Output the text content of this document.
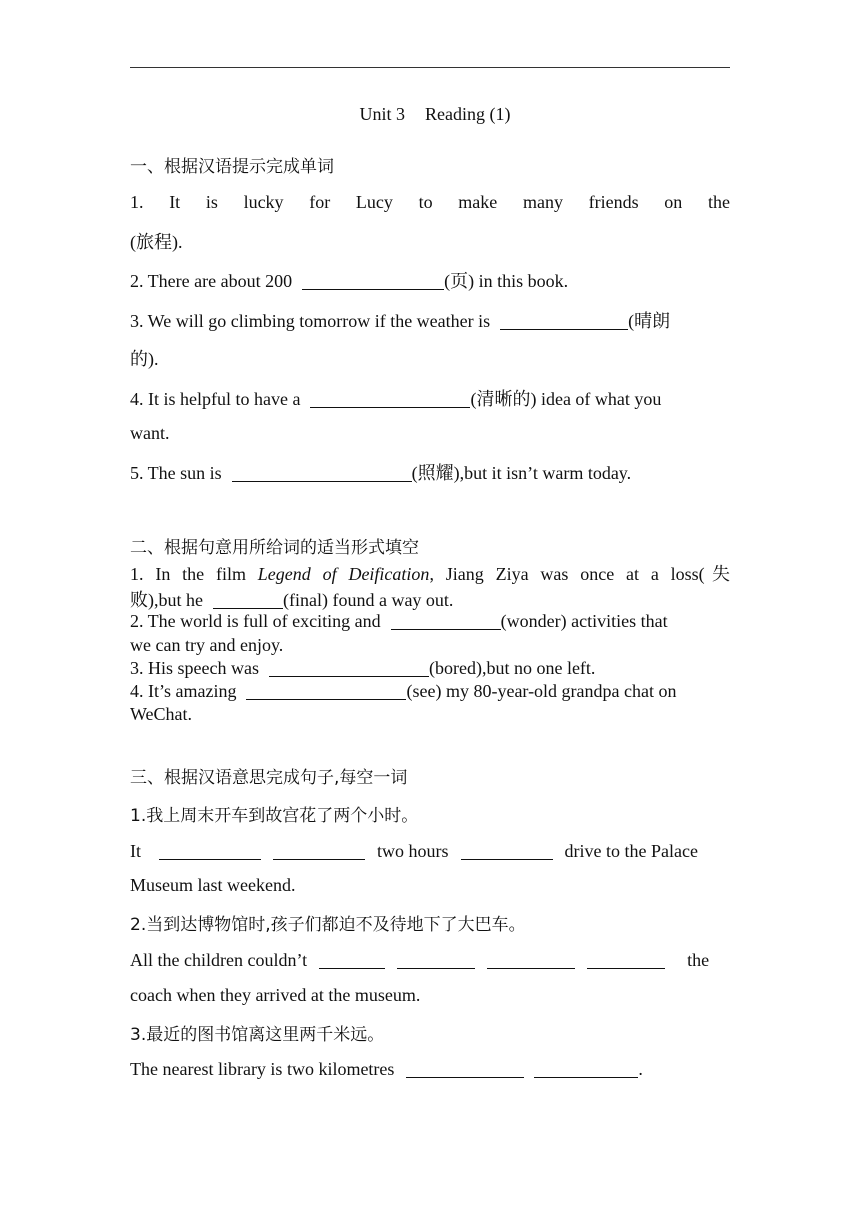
Unit 3 Reading (1)
一、根据汉语提示完成单词
1. It is lucky for Lucy to make many friends on the
(旅程).
2. There are about 200	(页) in this book.
3. We will go climbing tomorrow if the weather is	(晴朗
的).
4. It is helpful to have a	(清晰的) idea of what you
want.
5. The sun is	(照耀),but it isn’t warm today.
二、根据句意用所给词的适当形式填空
1. In the film Legend of Deification, Jiang Ziya was once at a loss(失
败),but he	(final) found a way out.
2. The world is full of exciting and	(wonder) activities that
we can try and enjoy.
3. His speech was	(bored),but no one left.
4. It’s amazing	(see) my 80-year-old grandpa chat on
WeChat.
三、根据汉语意思完成句子,每空一词
1.我上周末开车到故宫花了两个小时。
It	two hours	drive to the Palace
Museum last weekend.
2.当到达博物馆时,孩子们都迫不及待地下了大巴车。
All the children couldn’t	the
coach when they arrived at the museum.
3.最近的图书馆离这里两千米远。
The nearest library is two kilometres	.
